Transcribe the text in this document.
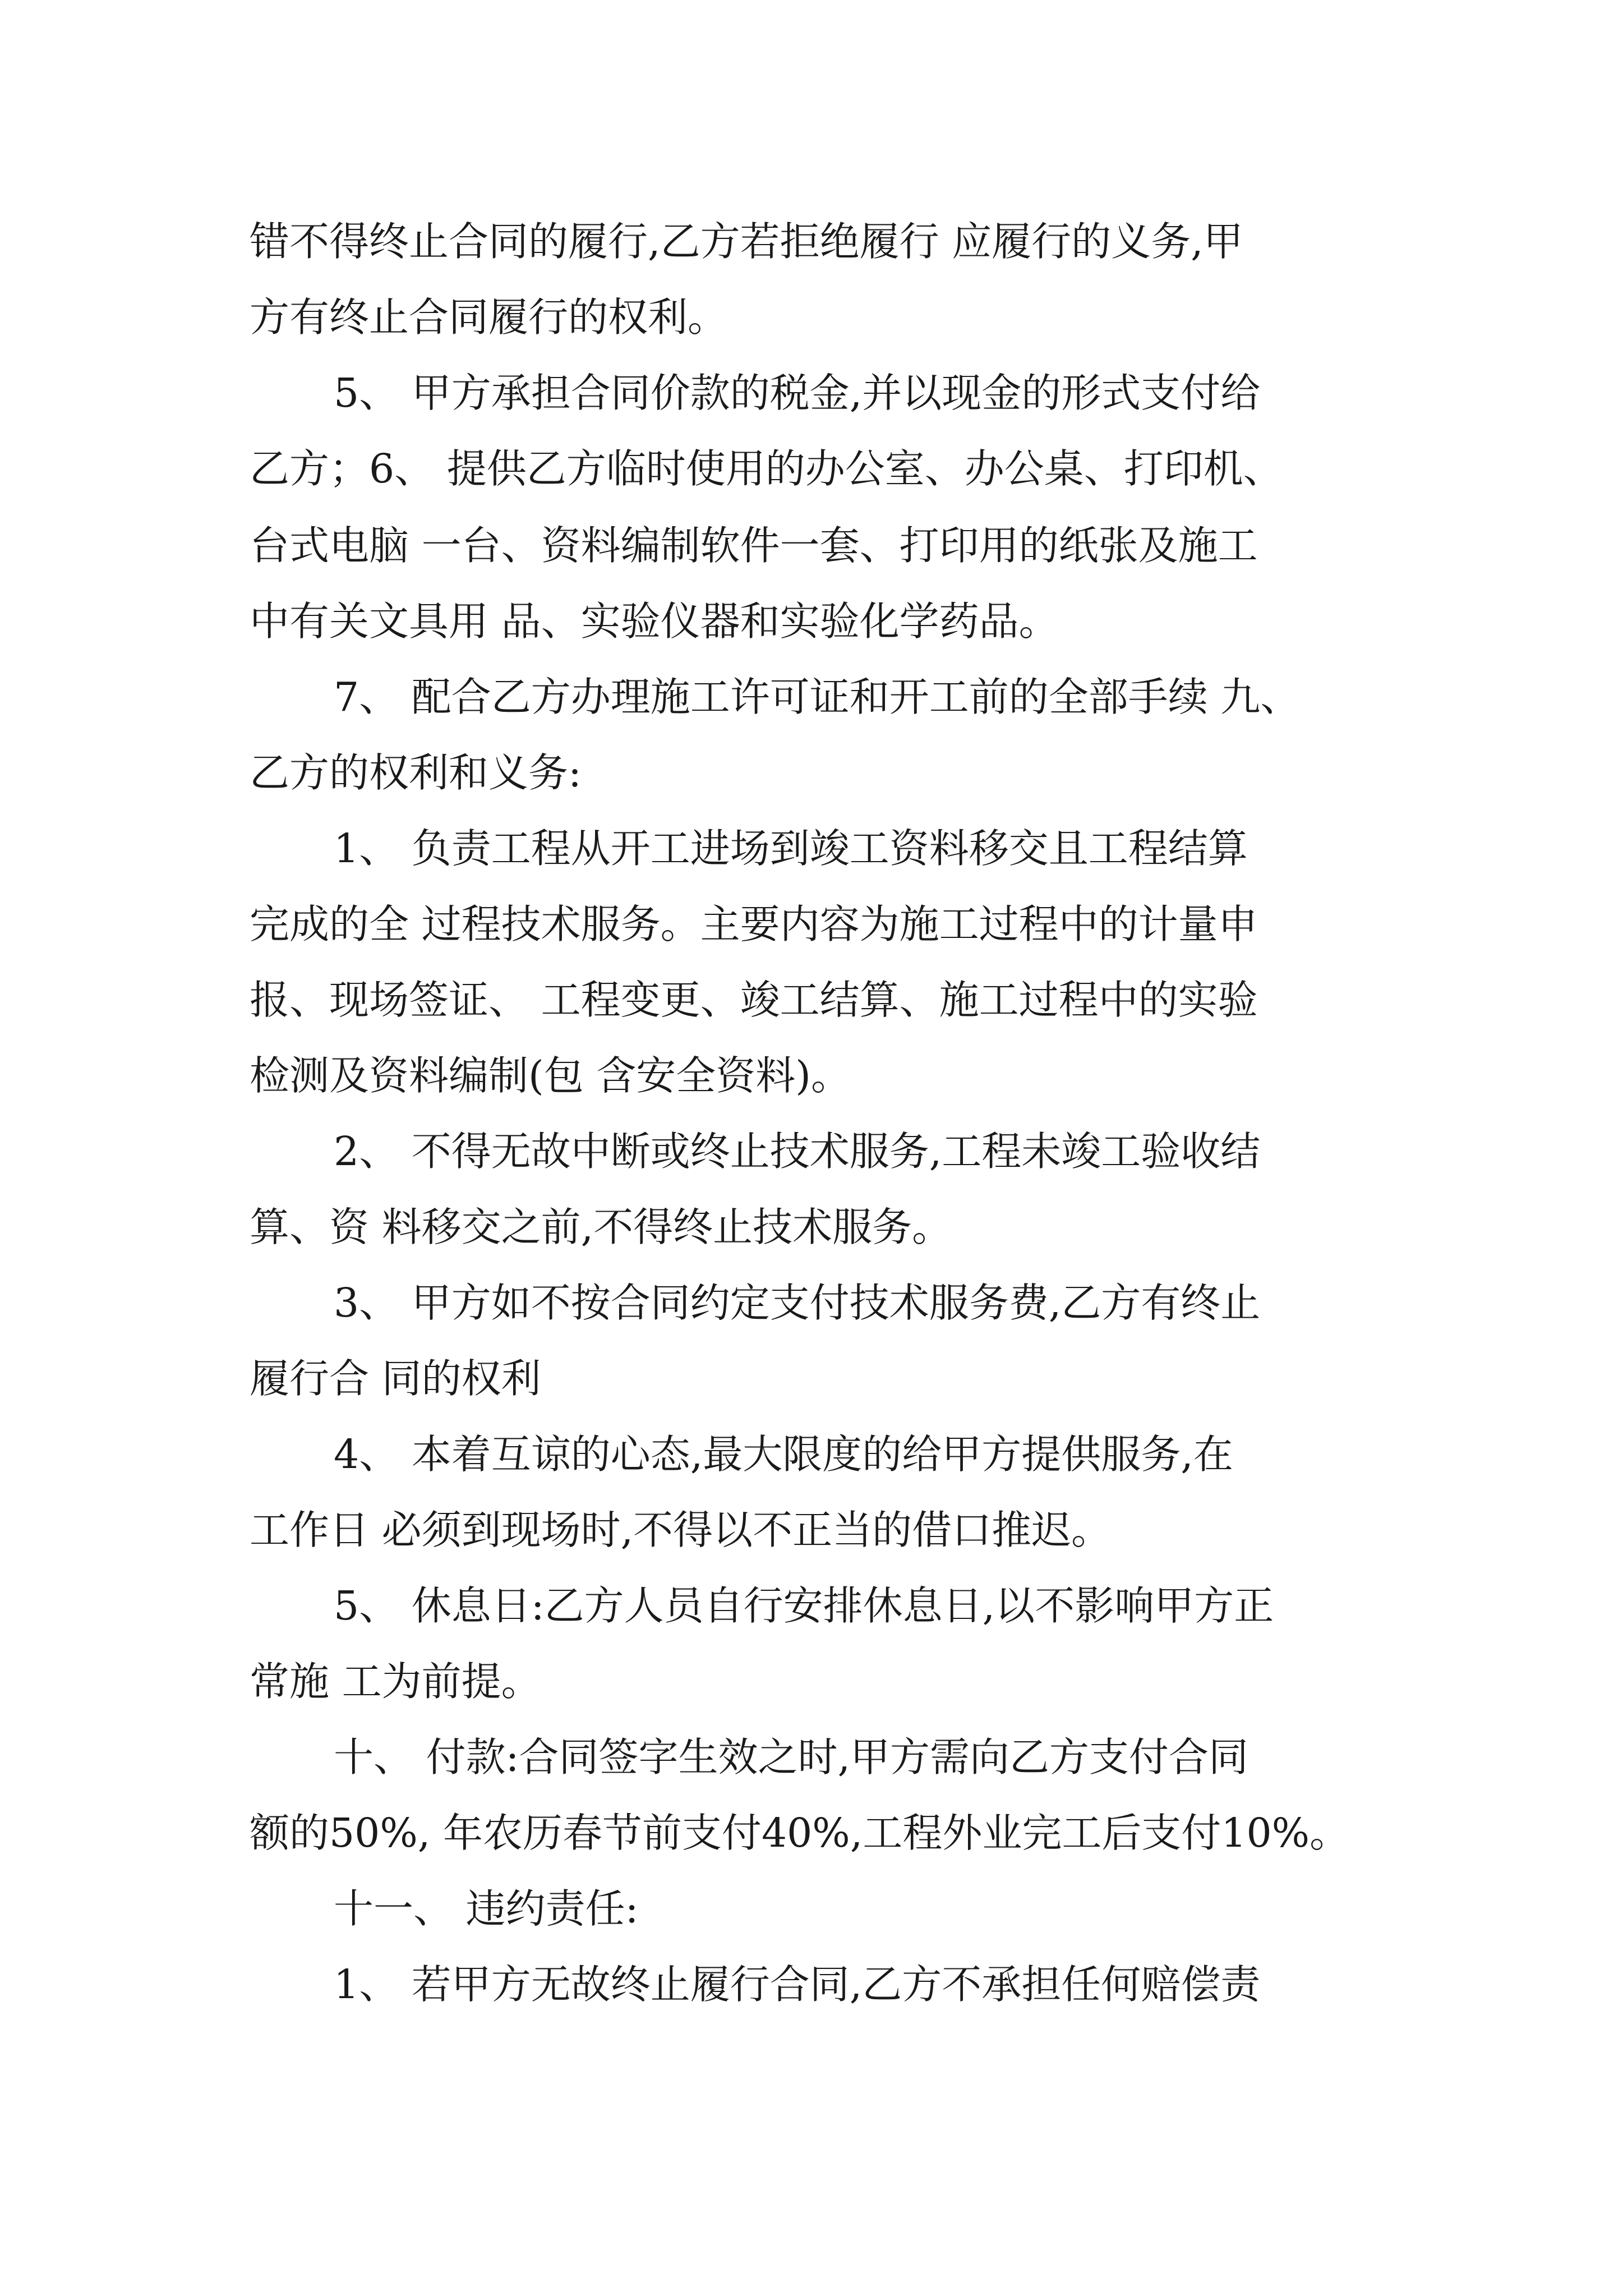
错不得终止合同的履行,乙方若拒绝履行 应履行的义务,甲
方有终止合同履行的权利。
5、 甲方承担合同价款的税金,并以现金的形式支付给
乙方；6、 提供乙方临时使用的办公室、办公桌、打印机、
台式电脑 一台、资料编制软件一套、打印用的纸张及施工
中有关文具用 品、实验仪器和实验化学药品。
7、 配合乙方办理施工许可证和开工前的全部手续 九、
乙方的权利和义务:
1、 负责工程从开工进场到竣工资料移交且工程结算
完成的全 过程技术服务。主要内容为施工过程中的计量申
报、现场签证、 工程变更、竣工结算、施工过程中的实验
检测及资料编制(包 含安全资料)。
2、 不得无故中断或终止技术服务,工程未竣工验收结
算、资 料移交之前,不得终止技术服务。
3、 甲方如不按合同约定支付技术服务费,乙方有终止
履行合 同的权利
4、 本着互谅的心态,最大限度的给甲方提供服务,在
工作日 必须到现场时,不得以不正当的借口推迟。
5、 休息日:乙方人员自行安排休息日,以不影响甲方正
常施 工为前提。
十、 付款:合同签字生效之时,甲方需向乙方支付合同
额的50%, 年农历春节前支付40%,工程外业完工后支付10%。
十一、 违约责任:
1、 若甲方无故终止履行合同,乙方不承担任何赔偿责
